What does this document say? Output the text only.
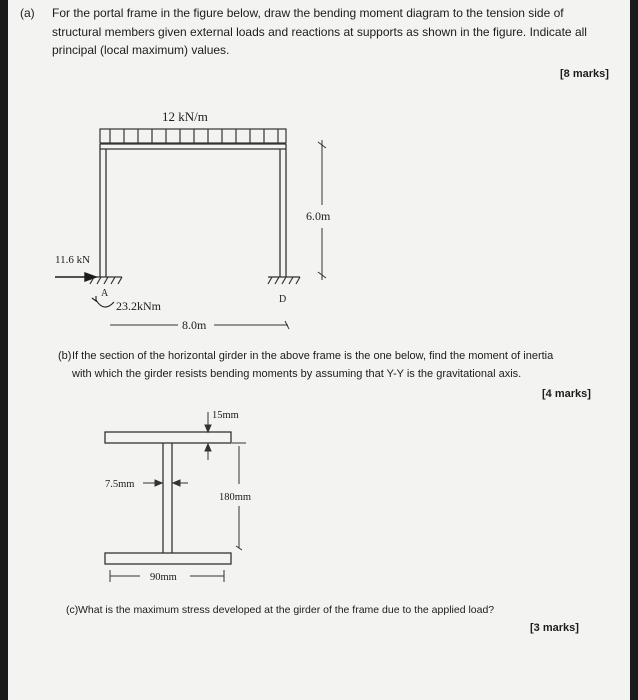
(a) For the portal frame in the figure below, draw the bending moment diagram to the tension side of
structural members given external loads and reactions at supports as shown in the figure. Indicate all
principal (local maximum) values.
[8 marks]
12 kN/m
A
D
6.0m
11.6 kN
23.2kNm
8.0m
(b) If the section of the horizontal girder in the above frame is the one below, find the moment of inertia
with which the girder resists bending moments by assuming that Y-Y is the gravitational axis.
[4 marks]
15mm
180mm
7.5mm
90mm
(c) What is the maximum stress developed at the girder of the frame due to the applied load?
[3 marks]
